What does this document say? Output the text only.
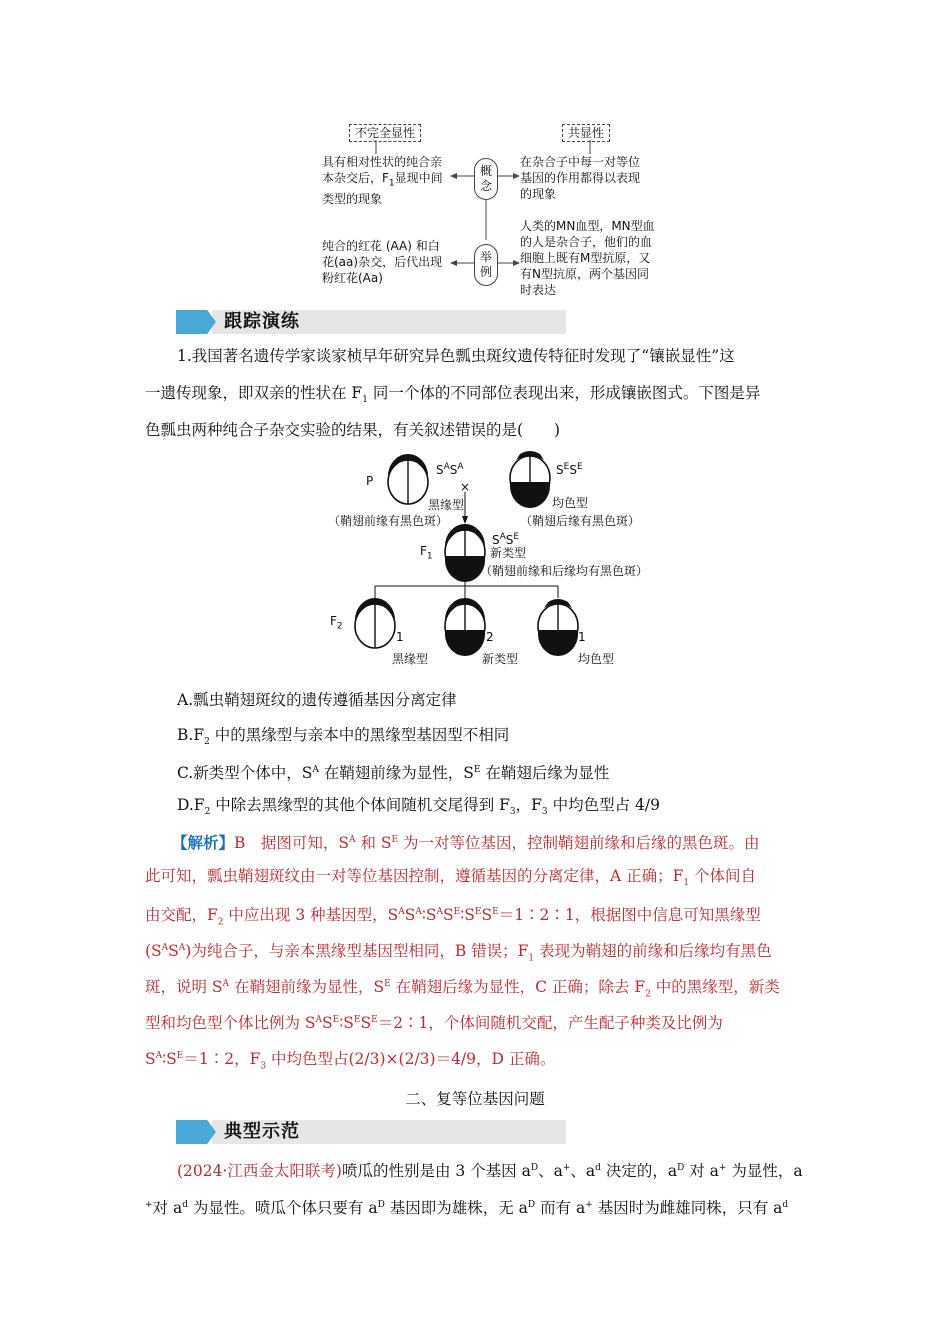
不完全显性	共显性
概念
举例
具有相对性状的纯合亲
本杂交后，$F_1$显现中间
类型的现象
在杂合子中每一对等位
基因的作用都得以表现
的现象
纯合的红花 (AA) 和白
花(aa)杂交，后代出现
粉红花(Aa)
人类的MN血型，MN型血
的人是杂合子，他们的血
细胞上既有M型抗原，又
有N型抗原，两个基因同
时表达
跟踪演练
1.我国著名遗传学家谈家桢早年研究异色瓢虫斑纹遗传特征时发现了“镶嵌显性”这
一遗传现象，即双亲的性状在 $F_1$ 同一个体的不同部位表现出来，形成镶嵌图式。下图是异
色瓢虫两种纯合子杂交实验的结果，有关叙述错误的是(　　)
P
$S^AS^A$
×
黑缘型
（鞘翅前缘有黑色斑）
$S^ES^E$
均色型
（鞘翅后缘有黑色斑）
$F_1$
$S^AS^E$
新类型
（鞘翅前缘和后缘均有黑色斑）
$F_2$
1	2	1
黑缘型	新类型	均色型
A.瓢虫鞘翅斑纹的遗传遵循基因分离定律
$B.F_2$ 中的黑缘型与亲本中的黑缘型基因型不相同
C.新类型个体中，$S^A$ 在鞘翅前缘为显性，$S^E$ 在鞘翅后缘为显性
$D.F_2$ 中除去黑缘型的其他个体间随机交尾得到 $F_3$，$F_3$ 中均色型占 4/9
【解析】B　据图可知，$S^A$ 和 $S^E$ 为一对等位基因，控制鞘翅前缘和后缘的黑色斑。由
此可知，瓢虫鞘翅斑纹由一对等位基因控制，遵循基因的分离定律，A 正确；$F_1$ 个体间自
由交配，$F_2$ 中应出现 3 种基因型，$S^AS^A∶S^AS^E∶S^ES^E=1∶2∶1$，根据图中信息可知黑缘型
$(S^AS^A)$为纯合子，与亲本黑缘型基因型相同，B 错误；$F_1$ 表现为鞘翅的前缘和后缘均有黑色
斑，说明 $S^A$ 在鞘翅前缘为显性，$S^E$ 在鞘翅后缘为显性，C 正确；除去 $F_2$ 中的黑缘型，新类
型和均色型个体比例为 $S^AS^E∶S^ES^E=2∶1$，个体间随机交配，产生配子种类及比例为
$S^A∶S^E=1∶2$，$F_3$ 中均色型占(2/3)×(2/3)＝4/9，D 正确。
二、复等位基因问题
典型示范
(2024·江西金太阳联考)喷瓜的性别是由 3 个基因 $a^D$、a+、$a^d$ 决定的，$a^D$ 对 a+ 为显性，a
+对 $a^d$ 为显性。喷瓜个体只要有 $a^D$ 基因即为雄株，无 $a^D$ 而有 a+ 基因时为雌雄同株，只有 $a^d$
